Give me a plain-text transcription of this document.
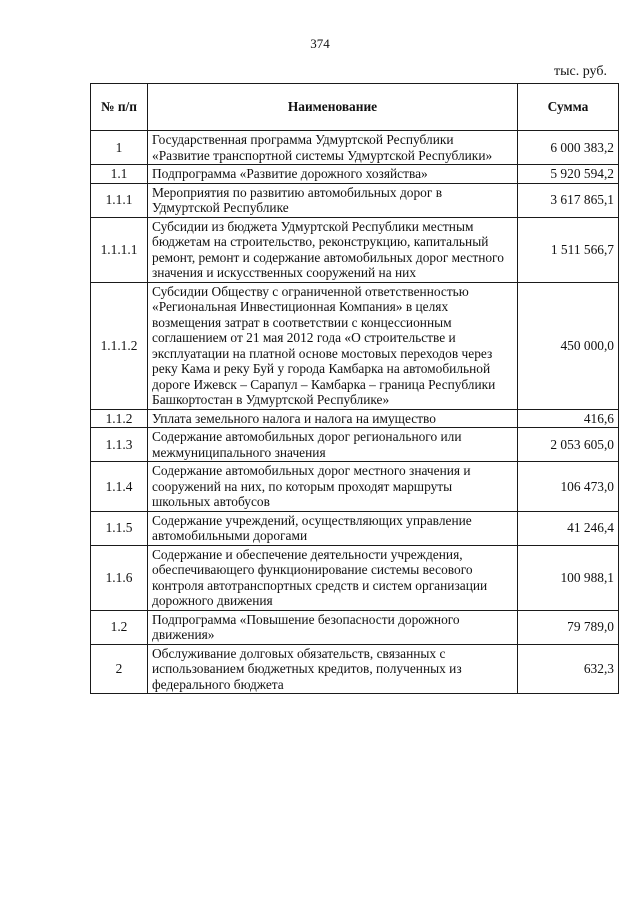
374
тыс. руб.
№ п/п	Наименование	Сумма
1	Государственная программа Удмуртской Республики «Развитие транспортной системы Удмуртской Республики»	6 000 383,2
1.1	Подпрограмма «Развитие дорожного хозяйства»	5 920 594,2
1.1.1	Мероприятия по развитию автомобильных дорог в Удмуртской Республике	3 617 865,1
1.1.1.1	Субсидии из бюджета Удмуртской Республики местным бюджетам на строительство, реконструкцию, капитальный ремонт, ремонт и содержание автомобильных дорог местного значения и искусственных сооружений на них	1 511 566,7
1.1.1.2	Субсидии Обществу с ограниченной ответственностью «Региональная Инвестиционная Компания» в целях возмещения затрат в соответствии с концессионным соглашением от 21 мая 2012 года «О строительстве и эксплуатации на платной основе мостовых переходов через реку Кама и реку Буй у города Камбарка на автомобильной дороге Ижевск – Сарапул – Камбарка – граница Республики Башкортостан в Удмуртской Республике»	450 000,0
1.1.2	Уплата земельного налога и налога на имущество	416,6
1.1.3	Содержание автомобильных дорог регионального или межмуниципального значения	2 053 605,0
1.1.4	Содержание автомобильных дорог местного значения и сооружений на них, по которым проходят маршруты школьных автобусов	106 473,0
1.1.5	Содержание учреждений, осуществляющих управление автомобильными дорогами	41 246,4
1.1.6	Содержание и обеспечение деятельности учреждения, обеспечивающего функционирование системы весового контроля автотранспортных средств и систем организации дорожного движения	100 988,1
1.2	Подпрограмма «Повышение безопасности дорожного движения»	79 789,0
2	Обслуживание долговых обязательств, связанных с использованием бюджетных кредитов, полученных из федерального бюджета	632,3
